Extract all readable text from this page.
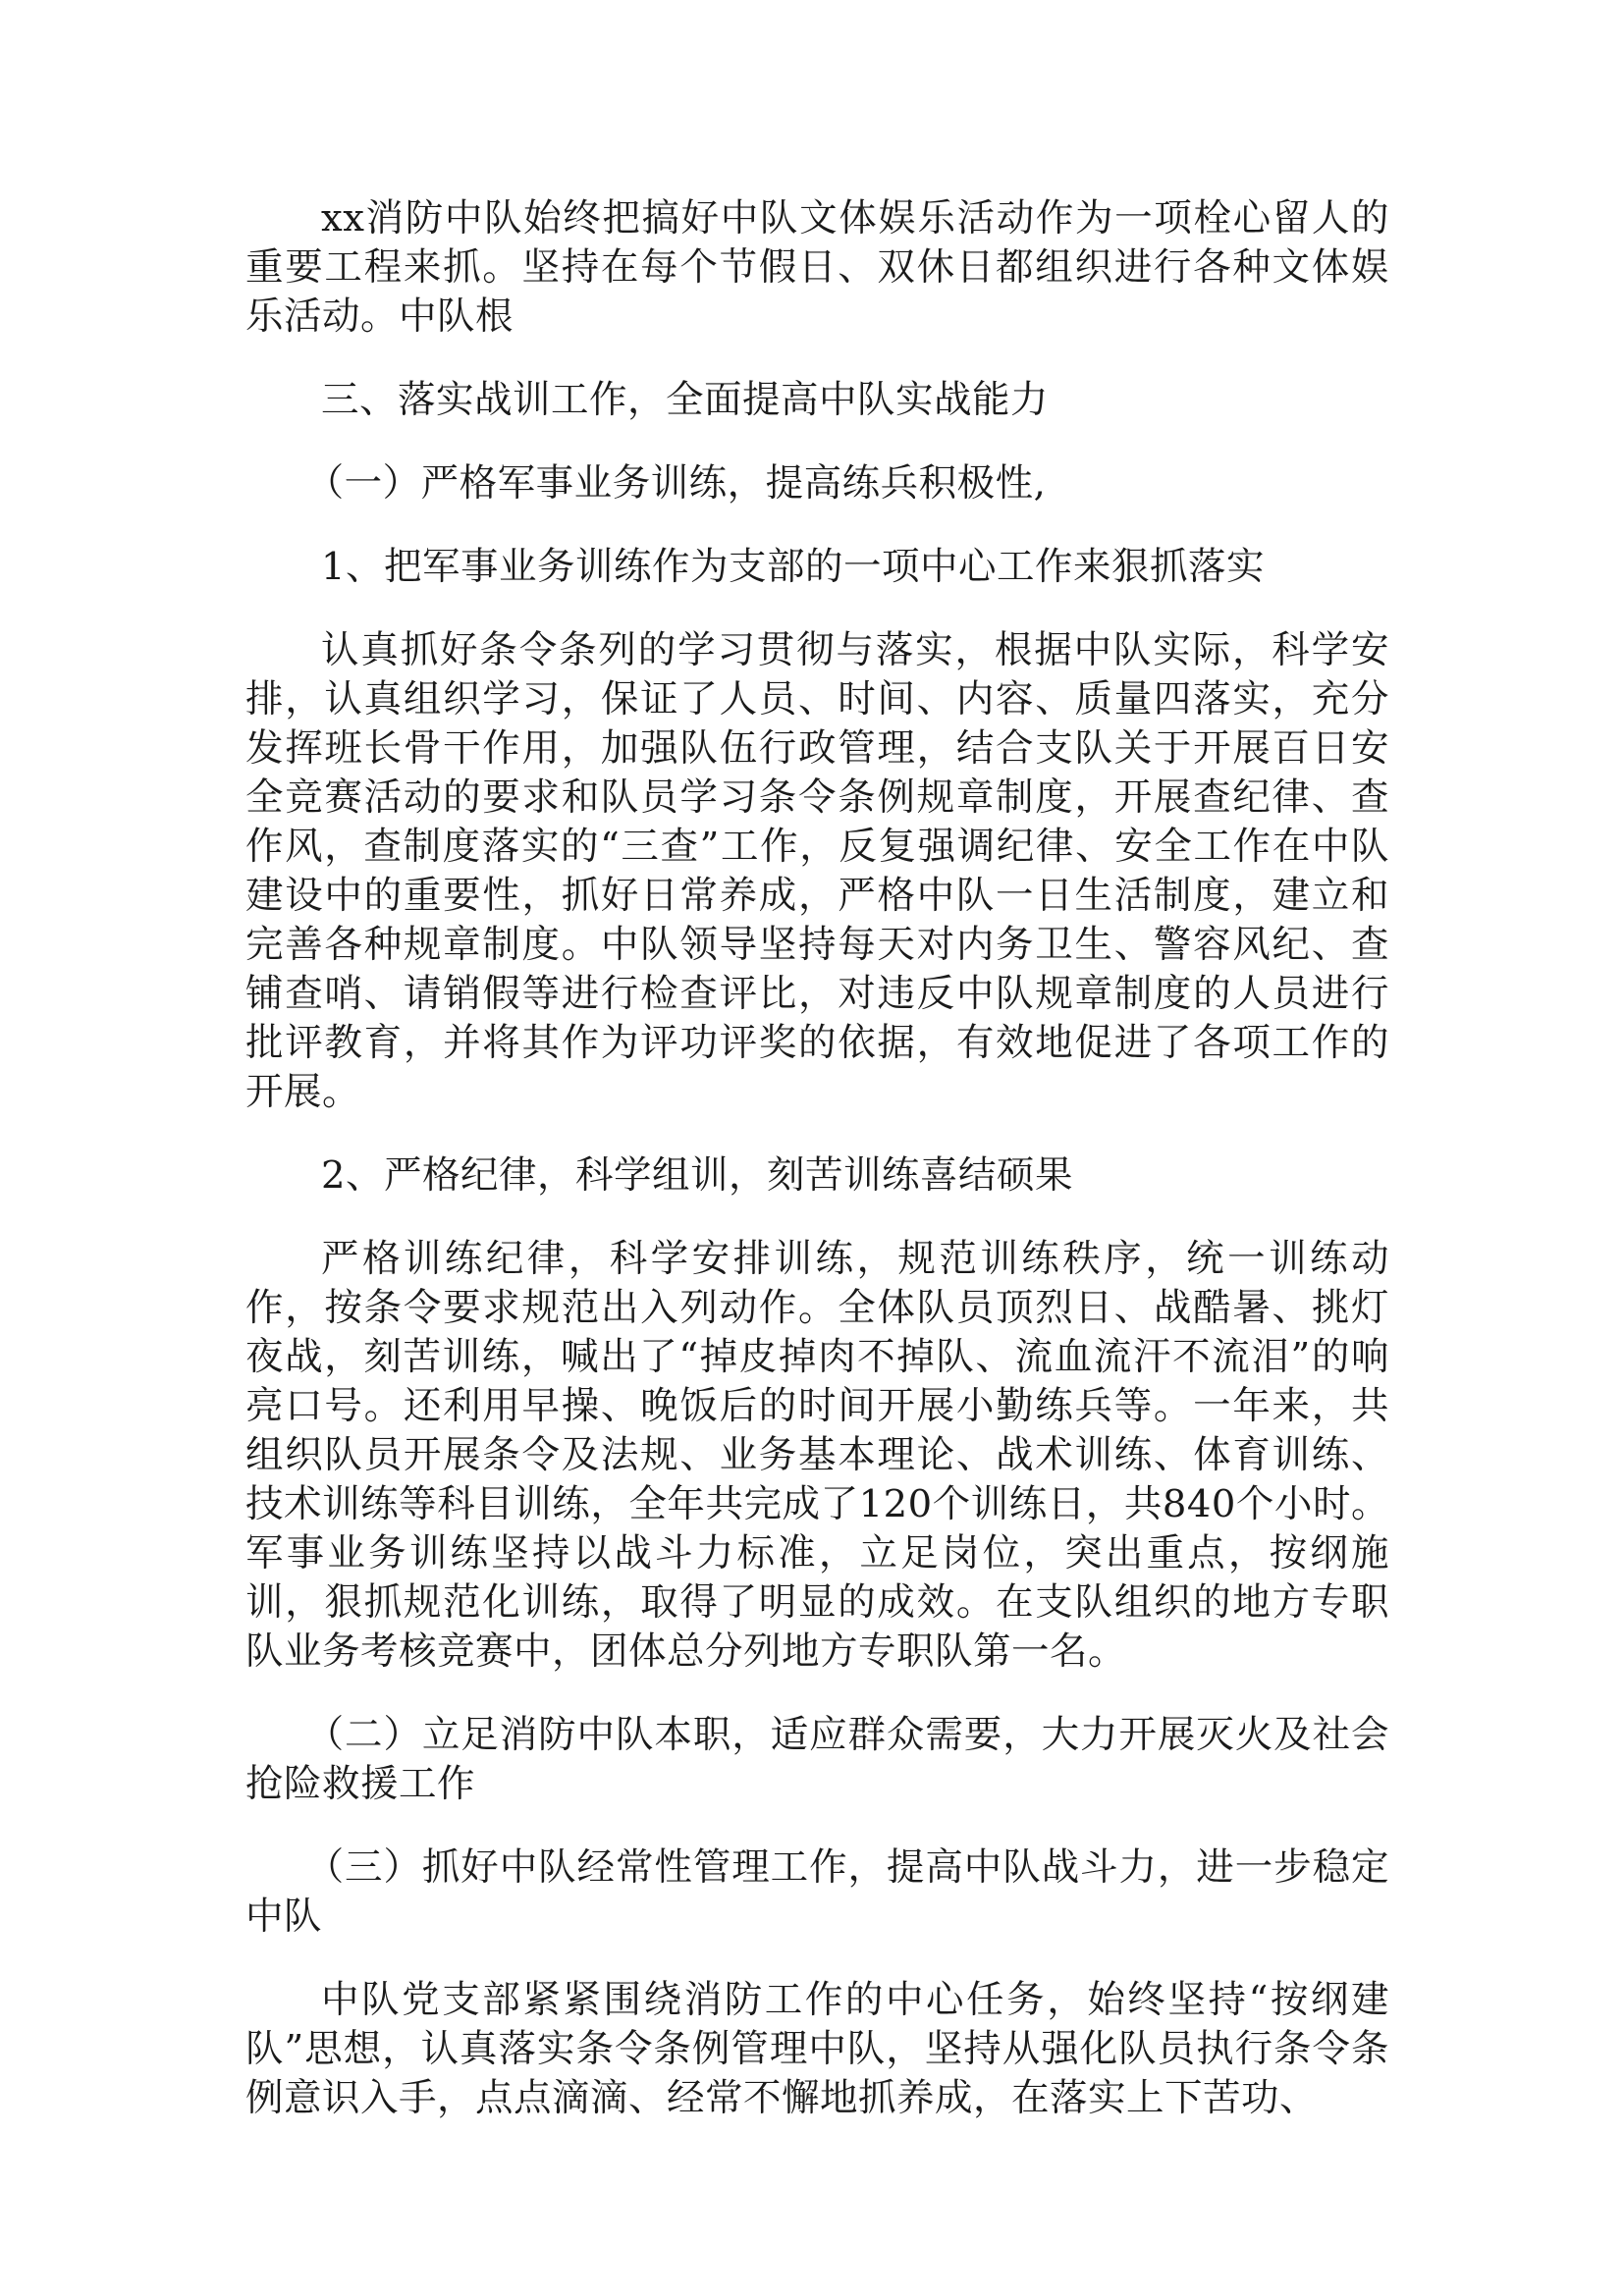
xx消防中队始终把搞好中队文体娱乐活动作为一项栓心留人的重要工程来抓。坚持在每个节假日、双休日都组织进行各种文体娱乐活动。中队根

三、落实战训工作，全面提高中队实战能力

（一）严格军事业务训练，提高练兵积极性,

1、把军事业务训练作为支部的一项中心工作来狠抓落实

认真抓好条令条列的学习贯彻与落实，根据中队实际，科学安排，认真组织学习，保证了人员、时间、内容、质量四落实，充分发挥班长骨干作用，加强队伍行政管理，结合支队关于开展百日安全竞赛活动的要求和队员学习条令条例规章制度，开展查纪律、查作风，查制度落实的“三查”工作，反复强调纪律、安全工作在中队建设中的重要性，抓好日常养成，严格中队一日生活制度，建立和完善各种规章制度。中队领导坚持每天对内务卫生、警容风纪、查铺查哨、请销假等进行检查评比，对违反中队规章制度的人员进行批评教育，并将其作为评功评奖的依据，有效地促进了各项工作的开展。

2、严格纪律，科学组训，刻苦训练喜结硕果

严格训练纪律，科学安排训练，规范训练秩序，统一训练动作，按条令要求规范出入列动作。全体队员顶烈日、战酷暑、挑灯夜战，刻苦训练，喊出了“掉皮掉肉不掉队、流血流汗不流泪”的响亮口号。还利用早操、晚饭后的时间开展小勤练兵等。一年来，共组织队员开展条令及法规、业务基本理论、战术训练、体育训练、技术训练等科目训练，全年共完成了120个训练日，共840个小时。军事业务训练坚持以战斗力标准，立足岗位，突出重点，按纲施训，狠抓规范化训练，取得了明显的成效。在支队组织的地方专职队业务考核竞赛中，团体总分列地方专职队第一名。

（二）立足消防中队本职，适应群众需要，大力开展灭火及社会抢险救援工作

（三）抓好中队经常性管理工作，提高中队战斗力，进一步稳定中队

中队党支部紧紧围绕消防工作的中心任务，始终坚持“按纲建队”思想，认真落实条令条例管理中队，坚持从强化队员执行条令条例意识入手，点点滴滴、经常不懈地抓养成，在落实上下苦功、
